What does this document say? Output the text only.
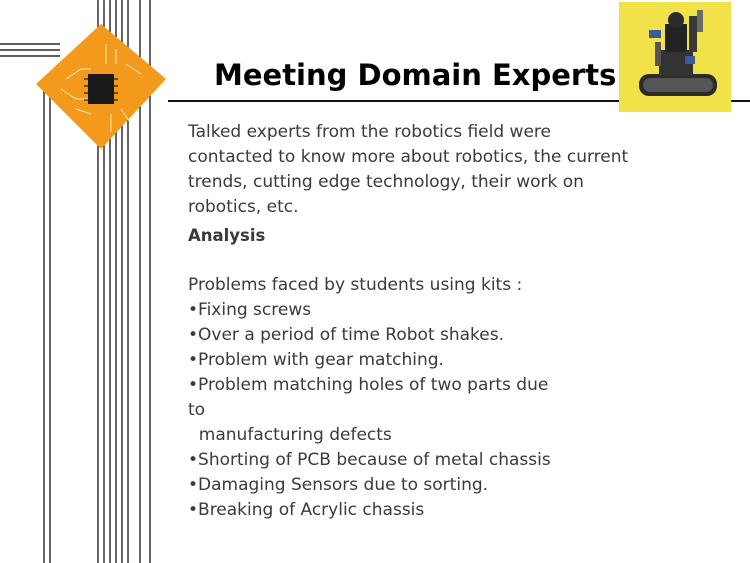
Meeting Domain Experts

Talked experts from the robotics field were

contacted to know more about robotics, the current

trends, cutting edge technology, their work on

robotics, etc.

Analysis

Problems faced by students using kits :

•Fixing screws

•Over a period of time Robot shakes.

•Problem with gear matching.

•Problem matching holes of two parts due

to

manufacturing defects

•Shorting of PCB because of metal chassis

•Damaging Sensors due to sorting.

•Breaking of Acrylic chassis
